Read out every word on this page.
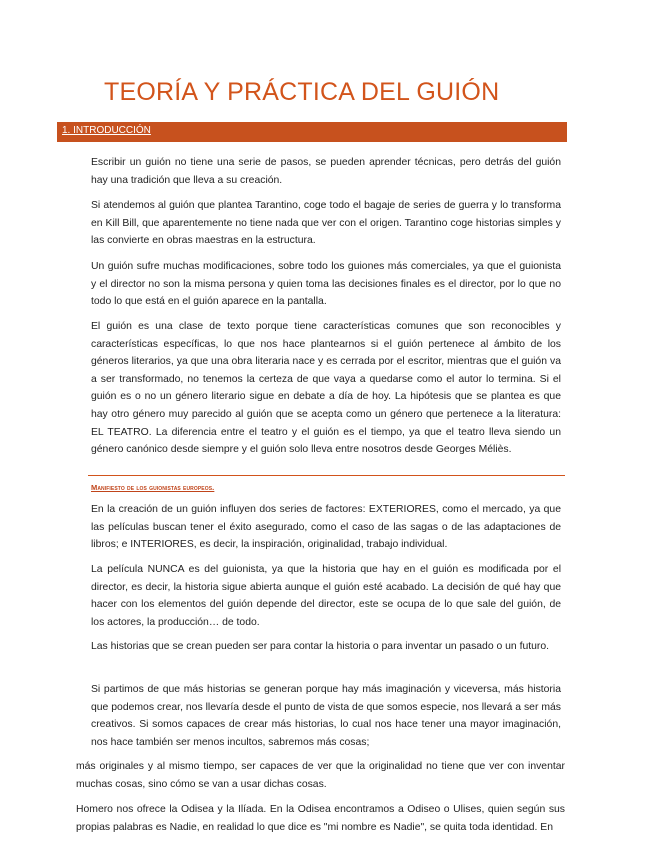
TEORÍA Y PRÁCTICA DEL GUIÓN
1. INTRODUCCIÓN
Escribir un guión no tiene una serie de pasos, se pueden aprender técnicas, pero detrás del guión hay una tradición que lleva a su creación.
Si atendemos al guión que plantea Tarantino, coge todo el bagaje de series de guerra y lo transforma en Kill Bill, que aparentemente no tiene nada que ver con el origen. Tarantino coge historias simples y las convierte en obras maestras en la estructura.
Un guión sufre muchas modificaciones, sobre todo los guiones más comerciales, ya que el guionista y el director no son la misma persona y quien toma las decisiones finales es el director, por lo que no todo lo que está en el guión aparece en la pantalla.
El guión es una clase de texto porque tiene características comunes que son reconocibles y características específicas, lo que nos hace plantearnos si el guión pertenece al ámbito de los géneros literarios, ya que una obra literaria nace y es cerrada por el escritor, mientras que el guión va a ser transformado, no tenemos la certeza de que vaya a quedarse como el autor lo termina. Si el guión es o no un género literario sigue en debate a día de hoy. La hipótesis que se plantea es que hay otro género muy parecido al guión que se acepta como un género que pertenece a la literatura: EL TEATRO. La diferencia entre el teatro y el guión es el tiempo, ya que el teatro lleva siendo un género canónico desde siempre y el guión solo lleva entre nosotros desde Georges Méliès.
Manifiesto de los guionistas europeos.
En la creación de un guión influyen dos series de factores: EXTERIORES, como el mercado, ya que las películas buscan tener el éxito asegurado, como el caso de las sagas o de las adaptaciones de libros; e INTERIORES, es decir, la inspiración, originalidad, trabajo individual.
La película NUNCA es del guionista, ya que la historia que hay en el guión es modificada por el director, es decir, la historia sigue abierta aunque el guión esté acabado. La decisión de qué hay que hacer con los elementos del guión depende del director, este se ocupa de lo que sale del guión, de los actores, la producción… de todo.
Las historias que se crean pueden ser para contar la historia o para inventar un pasado o un futuro.
Si partimos de que más historias se generan porque hay más imaginación y viceversa, más historia que podemos crear, nos llevaría desde el punto de vista de que somos especie, nos llevará a ser más creativos. Si somos capaces de crear más historias, lo cual nos hace tener una mayor imaginación, nos hace también ser menos incultos, sabremos más cosas;
más originales y al mismo tiempo, ser capaces de ver que la originalidad no tiene que ver con inventar muchas cosas, sino cómo se van a usar dichas cosas.
Homero nos ofrece la Odisea y la Ilíada. En la Odisea encontramos a Odiseo o Ulises, quien según sus propias palabras es Nadie, en realidad lo que dice es "mi nombre es Nadie", se quita toda identidad. En
